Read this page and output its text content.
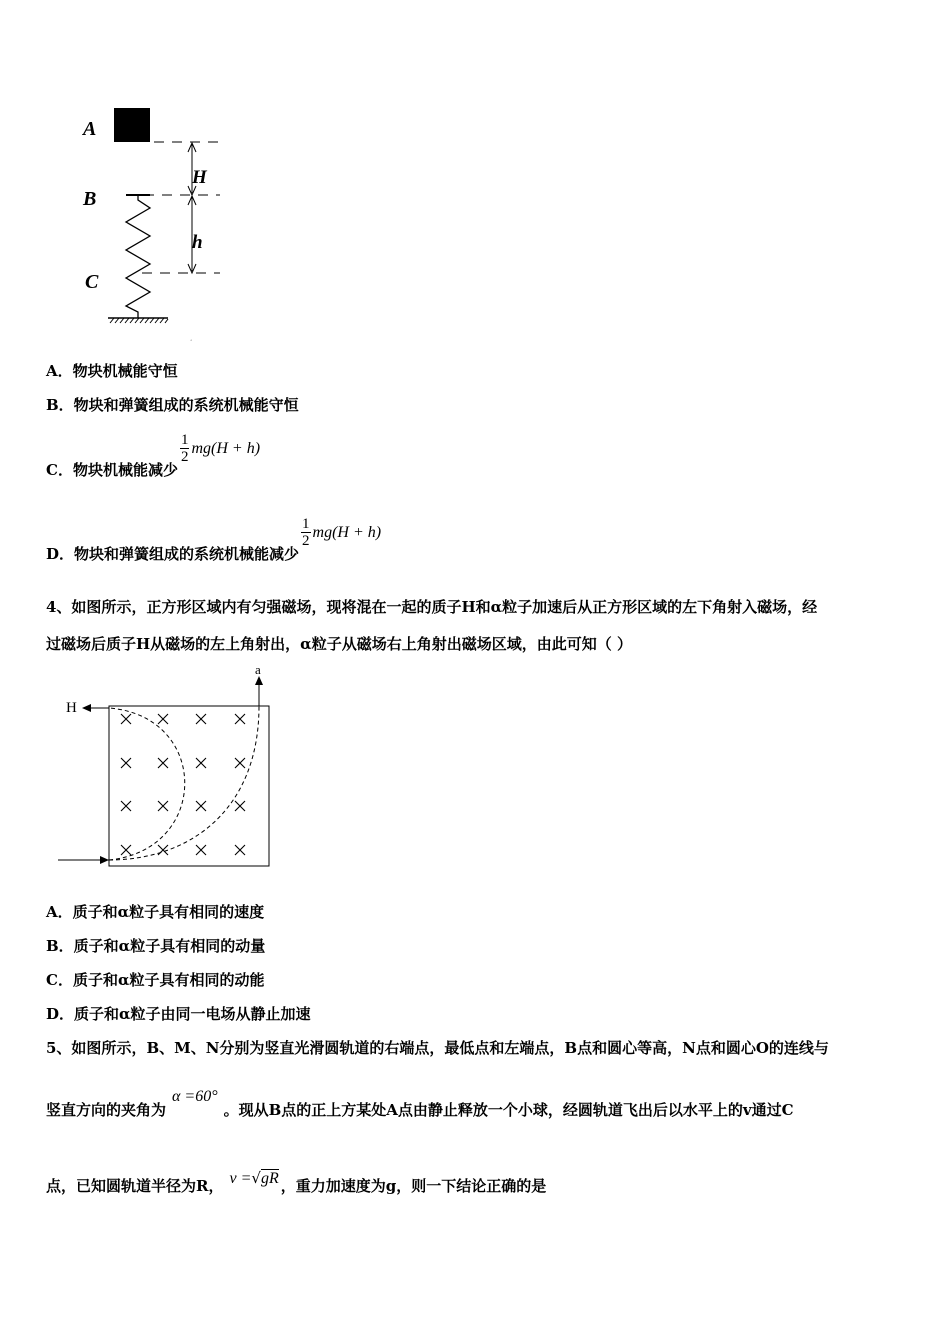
ʻ
A
B
C
H
h
A．物块机械能守恒
B．物块和弹簧组成的系统机械能守恒
C．物块机械能减少
$\frac{1}{2} mg(H + h)$
D．物块和弹簧组成的系统机械能减少
$\frac{1}{2} mg(H + h)$
4、如图所示，正方形区域内有匀强磁场，现将混在一起的质子H和α粒子加速后从正方形区域的左下角射入磁场，经
过磁场后质子H从磁场的左上角射出，α粒子从磁场右上角射出磁场区域，由此可知（ ）
H
a
A．质子和α粒子具有相同的速度
B．质子和α粒子具有相同的动量
C．质子和α粒子具有相同的动能
D．质子和α粒子由同一电场从静止加速
5、如图所示，B、M、N分别为竖直光滑圆轨道的右端点，最低点和左端点，B点和圆心等高，N点和圆心O的连线与
竖直方向的夹角为α =60°。现从B点的正上方某处A点由静止释放一个小球，经圆轨道飞出后以水平上的v通过C
点，已知圆轨道半径为R， v =√gR ，重力加速度为g，则一下结论正确的是
